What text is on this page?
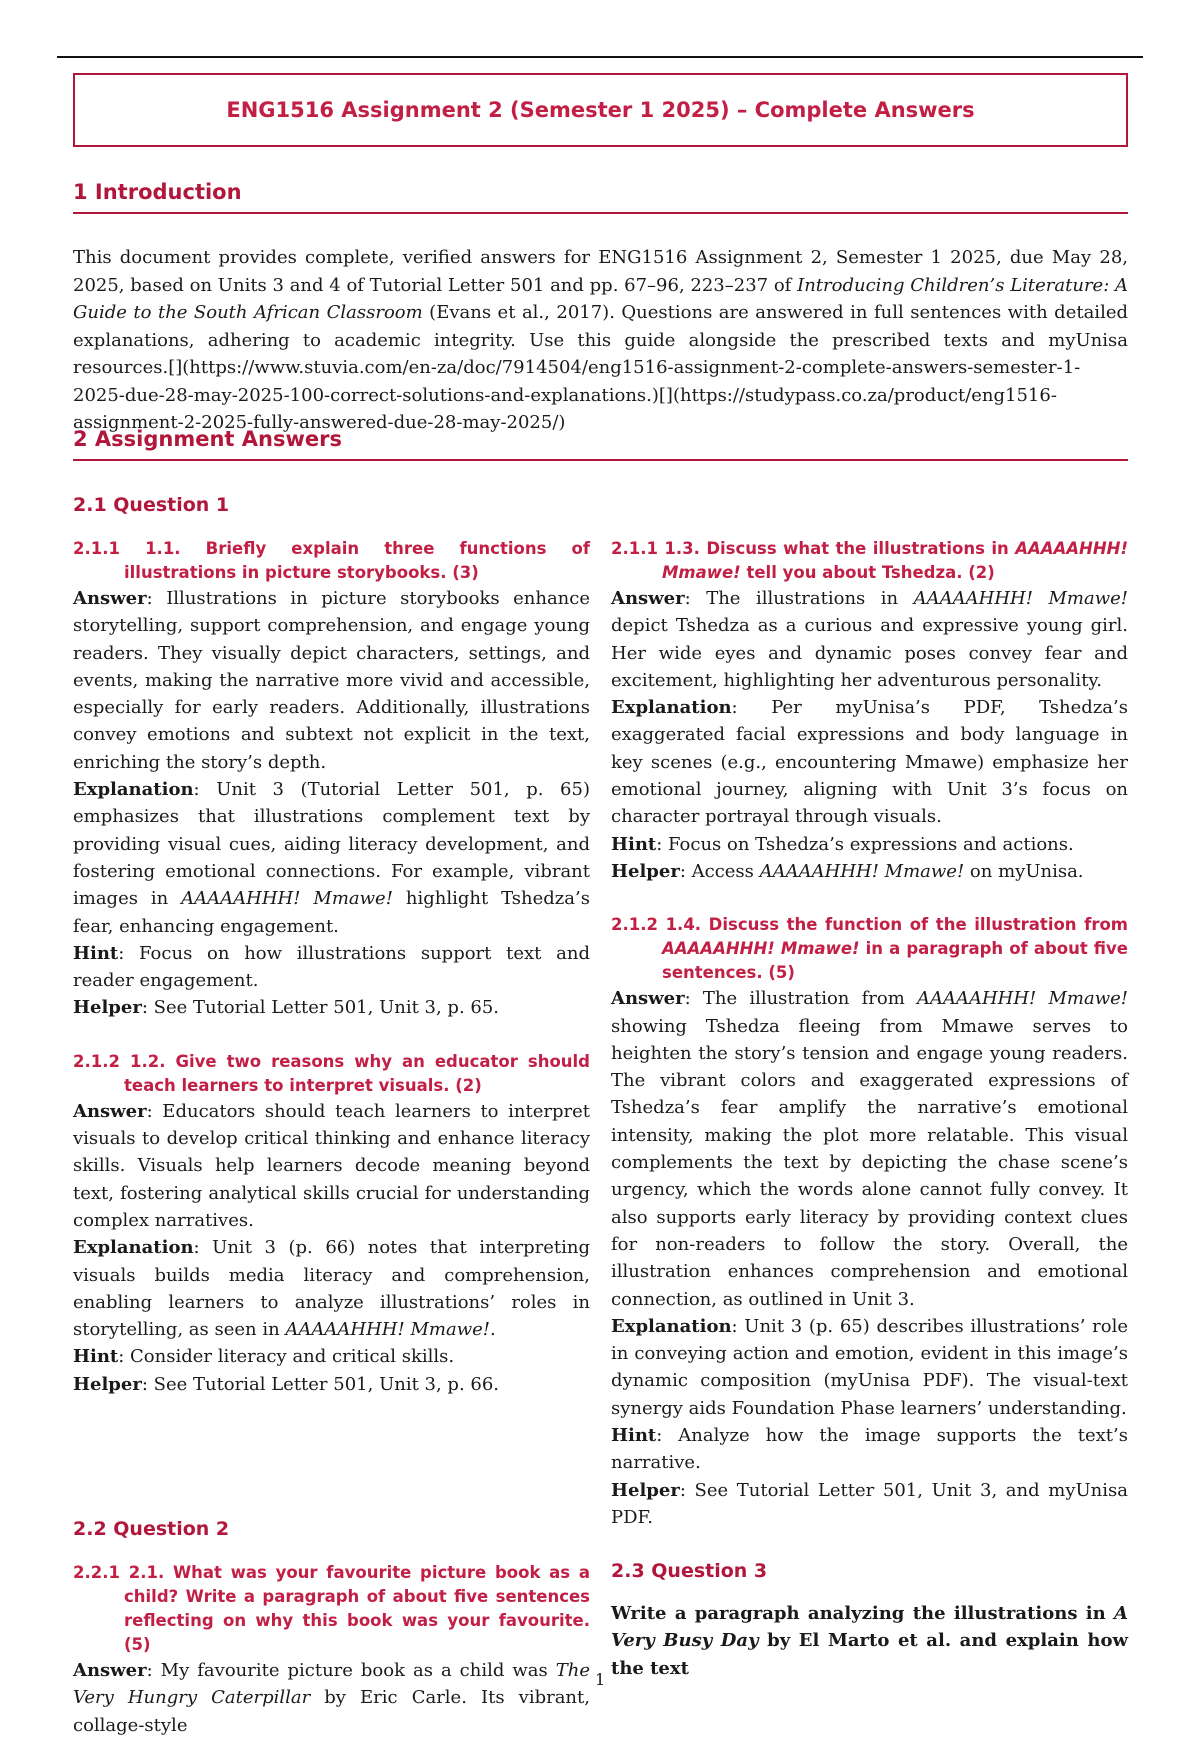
ENG1516 Assignment 2 (Semester 1 2025) – Complete Answers
1 Introduction
This document provides complete, verified answers for ENG1516 Assignment 2, Semester 1 2025, due May 28, 2025, based on Units 3 and 4 of Tutorial Letter 501 and pp. 67–96, 223–237 of Introducing Children’s Literature: A Guide to the South African Classroom (Evans et al., 2017). Questions are answered in full sentences with detailed explanations, adhering to academic integrity. Use this guide alongside the prescribed texts and myUnisa resources.[](https://www.stuvia.com/en-za/doc/7914504/eng1516-assignment-2-complete-answers-semester-1-2025-due-28-may-2025-100-correct-solutions-and-explanations.)[](https://studypass.co.za/product/eng1516-assignment-2-2025-fully-answered-due-28-may-2025/)
2 Assignment Answers
2.1 Question 1

2.1.1 1.1. Briefly explain three functions of illustrations in picture storybooks. (3)

Answer: Illustrations in picture storybooks enhance storytelling, support comprehension, and engage young readers. They visually depict characters, settings, and events, making the narrative more vivid and accessible, especially for early readers. Additionally, illustrations convey emotions and subtext not explicit in the text, enriching the story’s depth.

Explanation: Unit 3 (Tutorial Letter 501, p. 65) emphasizes that illustrations complement text by providing visual cues, aiding literacy development, and fostering emotional connections. For example, vibrant images in AAAAAHHH! Mmawe! highlight Tshedza’s fear, enhancing engagement.

Hint: Focus on how illustrations support text and reader engagement.

Helper: See Tutorial Letter 501, Unit 3, p. 65.

2.1.2 1.2. Give two reasons why an educator should teach learners to interpret visuals. (2)

Answer: Educators should teach learners to interpret visuals to develop critical thinking and enhance literacy skills. Visuals help learners decode meaning beyond text, fostering analytical skills crucial for understanding complex narratives.

Explanation: Unit 3 (p. 66) notes that interpreting visuals builds media literacy and comprehension, enabling learners to analyze illustrations’ roles in storytelling, as seen in AAAAAHHH! Mmawe!.

Hint: Consider literacy and critical skills.

Helper: See Tutorial Letter 501, Unit 3, p. 66.

2.1.1 1.3. Discuss what the illustrations in AAAAAHHH! Mmawe! tell you about Tshedza. (2)

Answer: The illustrations in AAAAAHHH! Mmawe! depict Tshedza as a curious and expressive young girl. Her wide eyes and dynamic poses convey fear and excitement, highlighting her adventurous personality.

Explanation: Per myUnisa’s PDF, Tshedza’s exaggerated facial expressions and body language in key scenes (e.g., encountering Mmawe) emphasize her emotional journey, aligning with Unit 3’s focus on character portrayal through visuals.

Hint: Focus on Tshedza’s expressions and actions.

Helper: Access AAAAAHHH! Mmawe! on myUnisa.

2.1.2 1.4. Discuss the function of the illustration from AAAAAHHH! Mmawe! in a paragraph of about five sentences. (5)

Answer: The illustration from AAAAAHHH! Mmawe! showing Tshedza fleeing from Mmawe serves to heighten the story’s tension and engage young readers. The vibrant colors and exaggerated expressions of Tshedza’s fear amplify the narrative’s emotional intensity, making the plot more relatable. This visual complements the text by depicting the chase scene’s urgency, which the words alone cannot fully convey. It also supports early literacy by providing context clues for non-readers to follow the story. Overall, the illustration enhances comprehension and emotional connection, as outlined in Unit 3.

Explanation: Unit 3 (p. 65) describes illustrations’ role in conveying action and emotion, evident in this image’s dynamic composition (myUnisa PDF). The visual-text synergy aids Foundation Phase learners’ understanding.

Hint: Analyze how the image supports the text’s narrative.

Helper: See Tutorial Letter 501, Unit 3, and myUnisa PDF.

2.2 Question 2

2.2.1 2.1. What was your favourite picture book as a child? Write a paragraph of about five sentences reflecting on why this book was your favourite. (5)

Answer: My favourite picture book as a child was The Very Hungry Caterpillar by Eric Carle. Its vibrant, collage-style

2.3 Question 3

Write a paragraph analyzing the illustrations in A Very Busy Day by El Marto et al. and explain how the text

1
